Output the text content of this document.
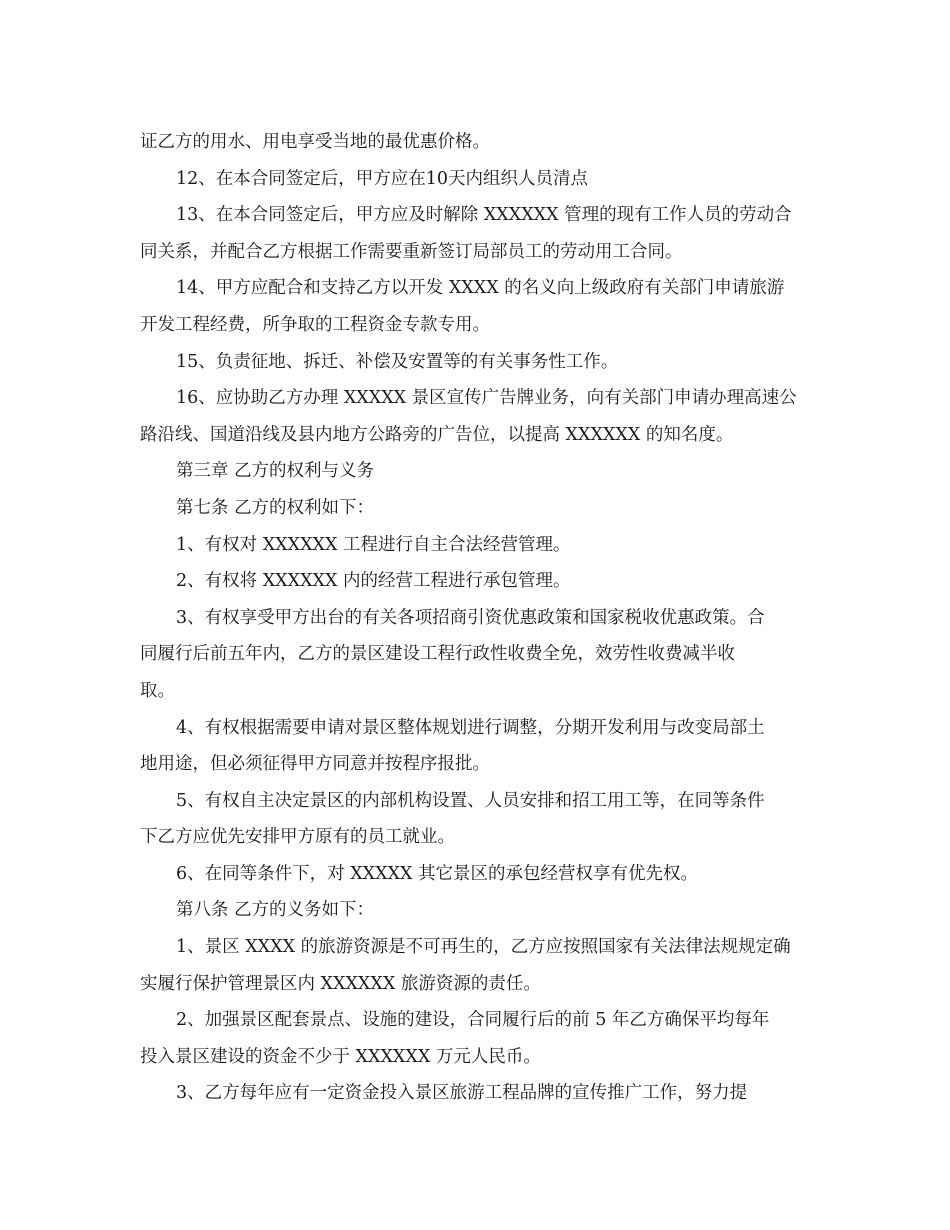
证乙方的用水、用电享受当地的最优惠价格。
12、在本合同签定后，甲方应在10天内组织人员清点
13、在本合同签定后，甲方应及时解除 XXXXXX 管理的现有工作人员的劳动合
同关系，并配合乙方根据工作需要重新签订局部员工的劳动用工合同。
14、甲方应配合和支持乙方以开发 XXXX 的名义向上级政府有关部门申请旅游
开发工程经费，所争取的工程资金专款专用。
15、负责征地、拆迁、补偿及安置等的有关事务性工作。
16、应协助乙方办理 XXXXX 景区宣传广告牌业务，向有关部门申请办理高速公
路沿线、国道沿线及县内地方公路旁的广告位，以提高 XXXXXX 的知名度。
第三章 乙方的权利与义务
第七条 乙方的权利如下：
1、有权对 XXXXXX 工程进行自主合法经营管理。
2、有权将 XXXXXX 内的经营工程进行承包管理。
3、有权享受甲方出台的有关各项招商引资优惠政策和国家税收优惠政策。合
同履行后前五年内，乙方的景区建设工程行政性收费全免，效劳性收费减半收
取。
4、有权根据需要申请对景区整体规划进行调整，分期开发利用与改变局部土
地用途，但必须征得甲方同意并按程序报批。
5、有权自主决定景区的内部机构设置、人员安排和招工用工等，在同等条件
下乙方应优先安排甲方原有的员工就业。
6、在同等条件下，对 XXXXX 其它景区的承包经营权享有优先权。
第八条 乙方的义务如下：
1、景区 XXXX 的旅游资源是不可再生的，乙方应按照国家有关法律法规规定确
实履行保护管理景区内 XXXXXX 旅游资源的责任。
2、加强景区配套景点、设施的建设，合同履行后的前 5 年乙方确保平均每年
投入景区建设的资金不少于 XXXXXX 万元人民币。
3、乙方每年应有一定资金投入景区旅游工程品牌的宣传推广工作，努力提
